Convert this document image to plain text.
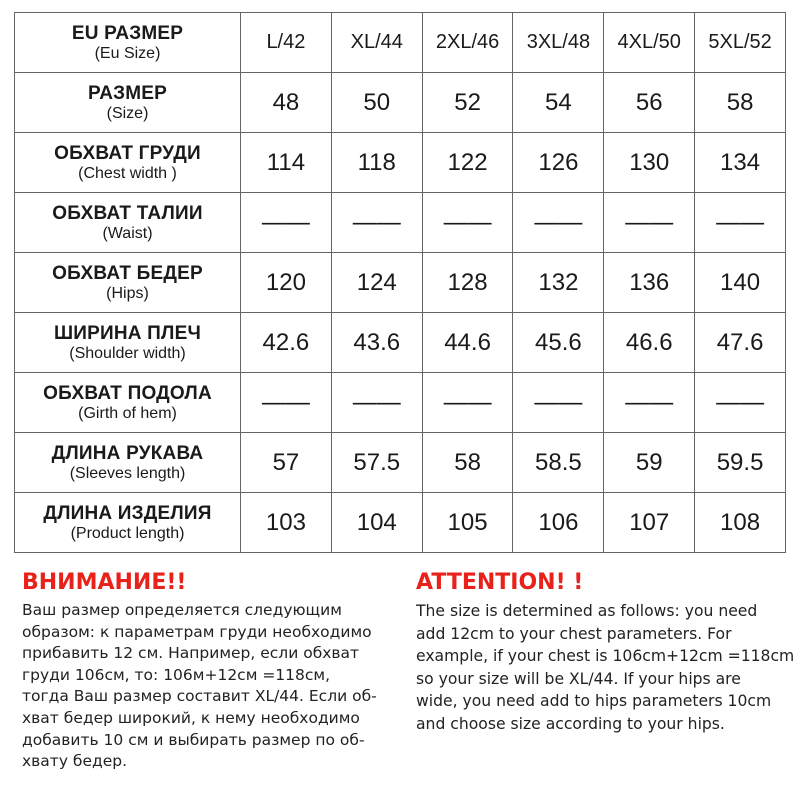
EU РАЗМЕР
(Eu Size)	L/42	XL/44	2XL/46	3XL/48	4XL/50	5XL/52

РАЗМЕР
(Size)	48	50	52	54	56	58

ОБХВАТ ГРУДИ
(Chest width )	114	118	122	126	130	134

ОБХВАТ ТАЛИИ
(Waist)	——	——	——	——	——	——

ОБХВАТ БЕДЕР
(Hips)	120	124	128	132	136	140

ШИРИНА ПЛЕЧ
(Shoulder width)	42.6	43.6	44.6	45.6	46.6	47.6

ОБХВАТ ПОДОЛА
(Girth of hem)	——	——	——	——	——	——

ДЛИНА РУКАВА
(Sleeves length)	57	57.5	58	58.5	59	59.5

ДЛИНА ИЗДЕЛИЯ
(Product length)	103	104	105	106	107	108
ВНИМАНИЕ!!
Ваш размер определяется следующим
образом: к параметрам груди необходимо
прибавить 12 см. Например, если обхват
груди 106см, то: 106м+12см =118см,
тогда Ваш размер составит XL/44. Если об-
хват бедер широкий, к нему необходимо
добавить 10 см и выбирать размер по об-
хвату бедер.
ATTENTION! !
The size is determined as follows: you need
add 12cm to your chest parameters. For
example, if your chest is 106cm+12cm =118cm
so your size will be XL/44. If your hips are
wide, you need add to hips parameters 10cm
and choose size according to your hips.
